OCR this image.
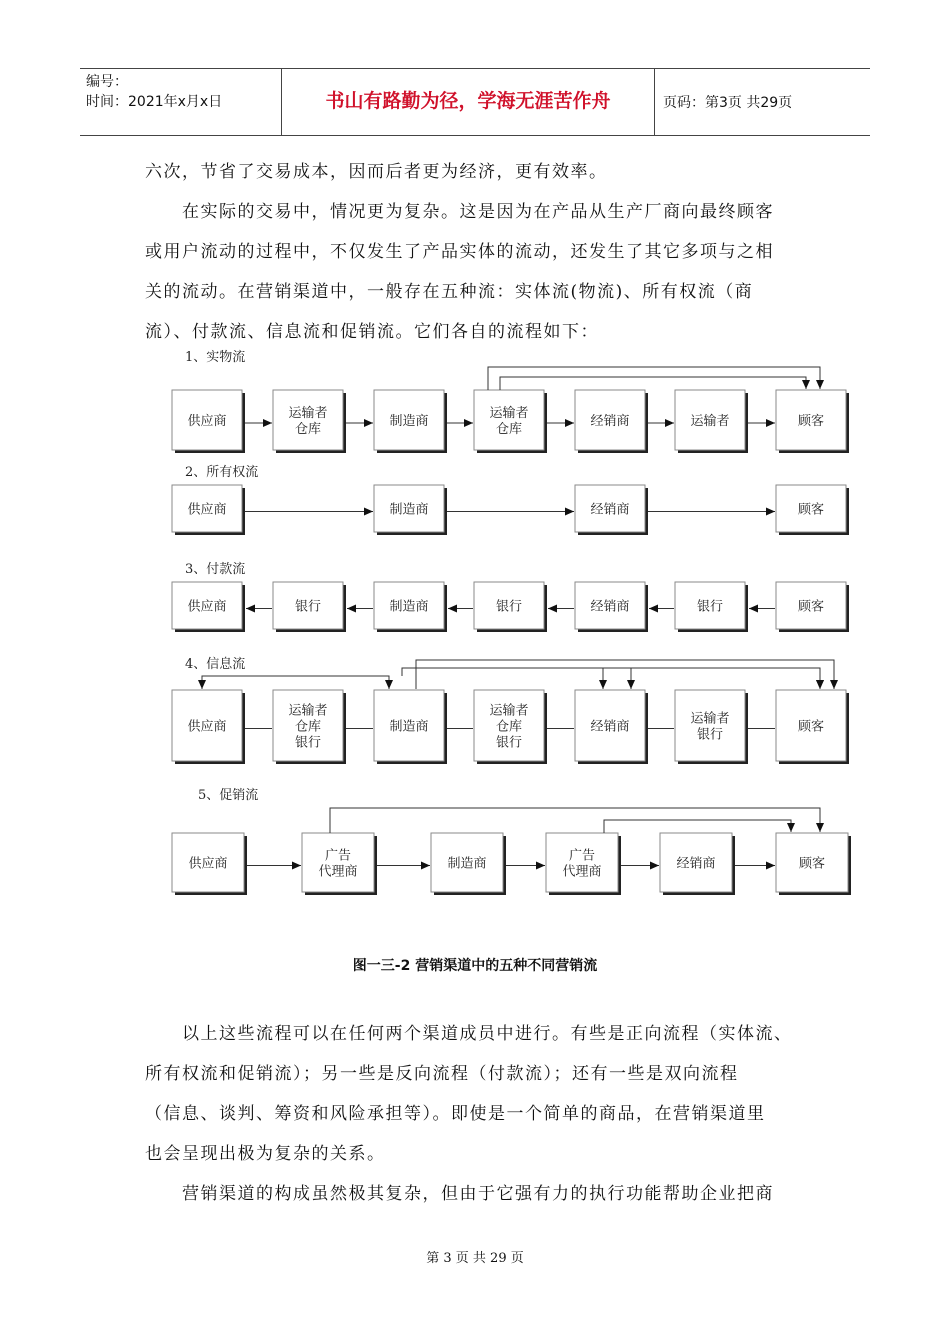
编号：
时间：2021年x月x日	书山有路勤为径，学海无涯苦作舟	页码：第3页 共29页

六次，节省了交易成本，因而后者更为经济，更有效率。

　　在实际的交易中，情况更为复杂。这是因为在产品从生产厂商向最终顾客

或用户流动的过程中，不仅发生了产品实体的流动，还发生了其它多项与之相

关的流动。在营销渠道中，一般存在五种流：实体流(物流)、所有权流（商

流）、付款流、信息流和促销流。它们各自的流程如下：

1、实物流
供应商
运输者
仓库
制造商
运输者
仓库
经销商	运输者	顾客
2、所有权流
供应商	制造商	经销商	顾客
3、付款流
供应商	银行	制造商	银行	经销商	银行	顾客
4、信息流
供应商
运输者
仓库
银行
制造商
运输者
仓库
银行
经销商
运输者
银行
顾客
5、促销流
供应商
广告
代理商
制造商
广告
代理商
经销商	顾客
图一三-2 营销渠道中的五种不同营销流

　　以上这些流程可以在任何两个渠道成员中进行。有些是正向流程（实体流、

所有权流和促销流）；另一些是反向流程（付款流）；还有一些是双向流程

（信息、谈判、筹资和风险承担等）。即使是一个简单的商品，在营销渠道里

也会呈现出极为复杂的关系。

　　营销渠道的构成虽然极其复杂，但由于它强有力的执行功能帮助企业把商

第 3 页 共 29 页
